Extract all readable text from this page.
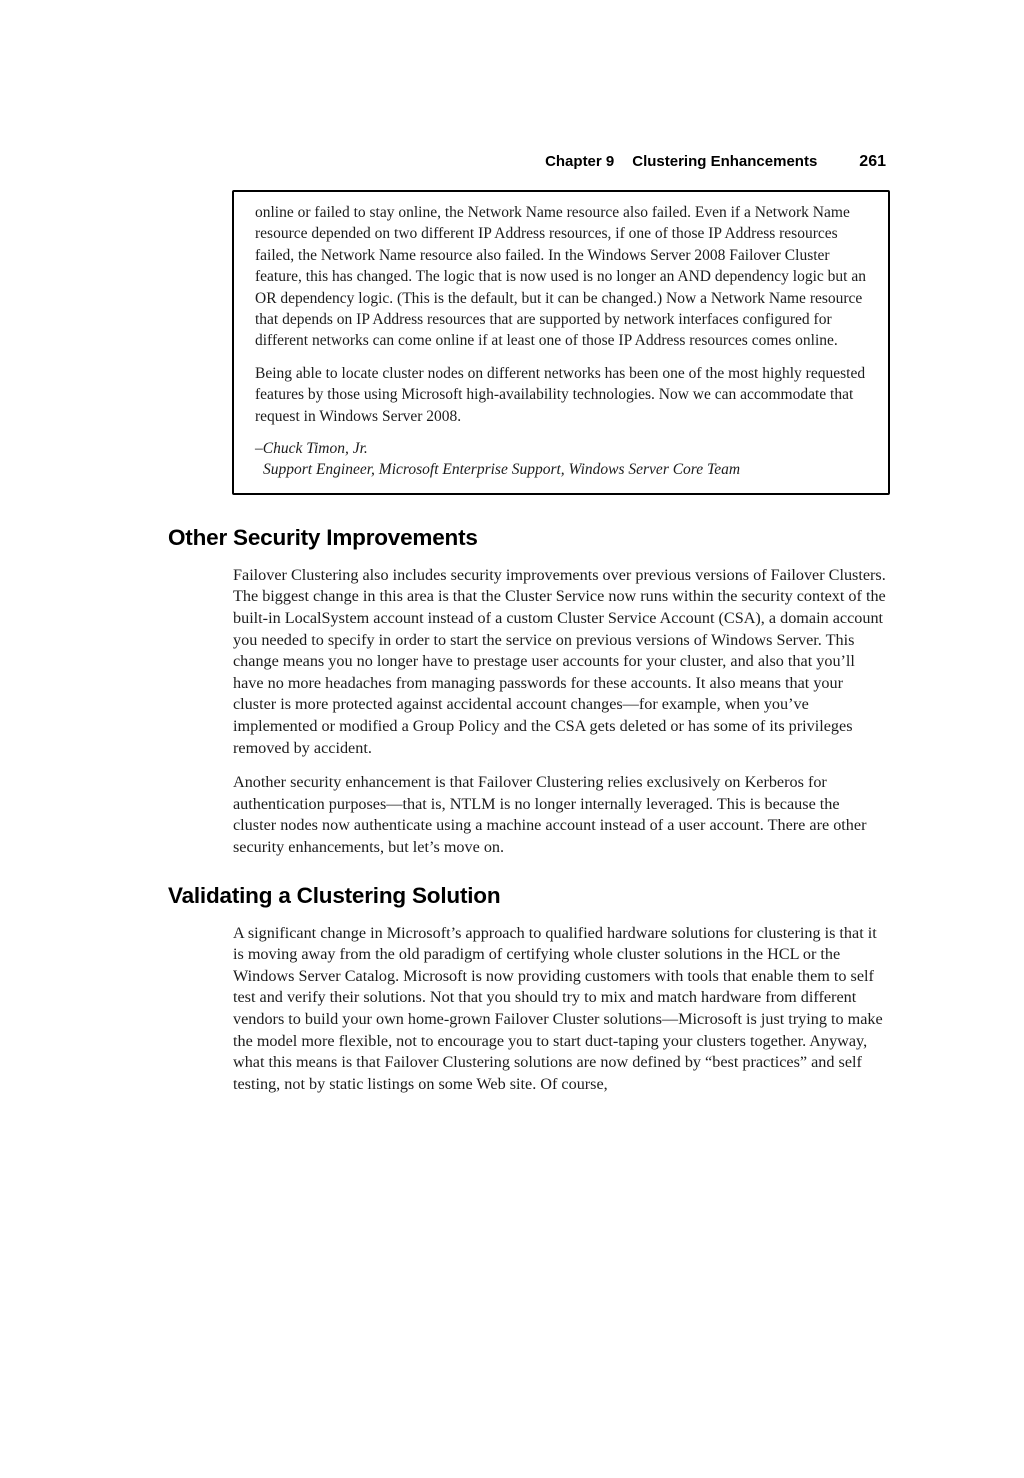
Chapter 9 Clustering Enhancements	261

online or failed to stay online, the Network Name resource also failed. Even if a Network Name resource depended on two different IP Address resources, if one of those IP Address resources failed, the Network Name resource also failed. In the Windows Server 2008 Failover Cluster feature, this has changed. The logic that is now used is no longer an AND dependency logic but an OR dependency logic. (This is the default, but it can be changed.) Now a Network Name resource that depends on IP Address resources that are supported by network interfaces configured for different networks can come online if at least one of those IP Address resources comes online.

Being able to locate cluster nodes on different networks has been one of the most highly requested features by those using Microsoft high-availability technologies. Now we can accommodate that request in Windows Server 2008.

–Chuck Timon, Jr.

Support Engineer, Microsoft Enterprise Support, Windows Server Core Team

Other Security Improvements

Failover Clustering also includes security improvements over previous versions of Failover Clusters. The biggest change in this area is that the Cluster Service now runs within the security context of the built-in LocalSystem account instead of a custom Cluster Service Account (CSA), a domain account you needed to specify in order to start the service on previous versions of Windows Server. This change means you no longer have to prestage user accounts for your cluster, and also that you’ll have no more headaches from managing passwords for these accounts. It also means that your cluster is more protected against accidental account changes—for example, when you’ve implemented or modified a Group Policy and the CSA gets deleted or has some of its privileges removed by accident.

Another security enhancement is that Failover Clustering relies exclusively on Kerberos for authentication purposes—that is, NTLM is no longer internally leveraged. This is because the cluster nodes now authenticate using a machine account instead of a user account. There are other security enhancements, but let’s move on.

Validating a Clustering Solution

A significant change in Microsoft’s approach to qualified hardware solutions for clustering is that it is moving away from the old paradigm of certifying whole cluster solutions in the HCL or the Windows Server Catalog. Microsoft is now providing customers with tools that enable them to self test and verify their solutions. Not that you should try to mix and match hardware from different vendors to build your own home-grown Failover Cluster solutions—Microsoft is just trying to make the model more flexible, not to encourage you to start duct-taping your clusters together. Anyway, what this means is that Failover Clustering solutions are now defined by “best practices” and self testing, not by static listings on some Web site. Of course,
